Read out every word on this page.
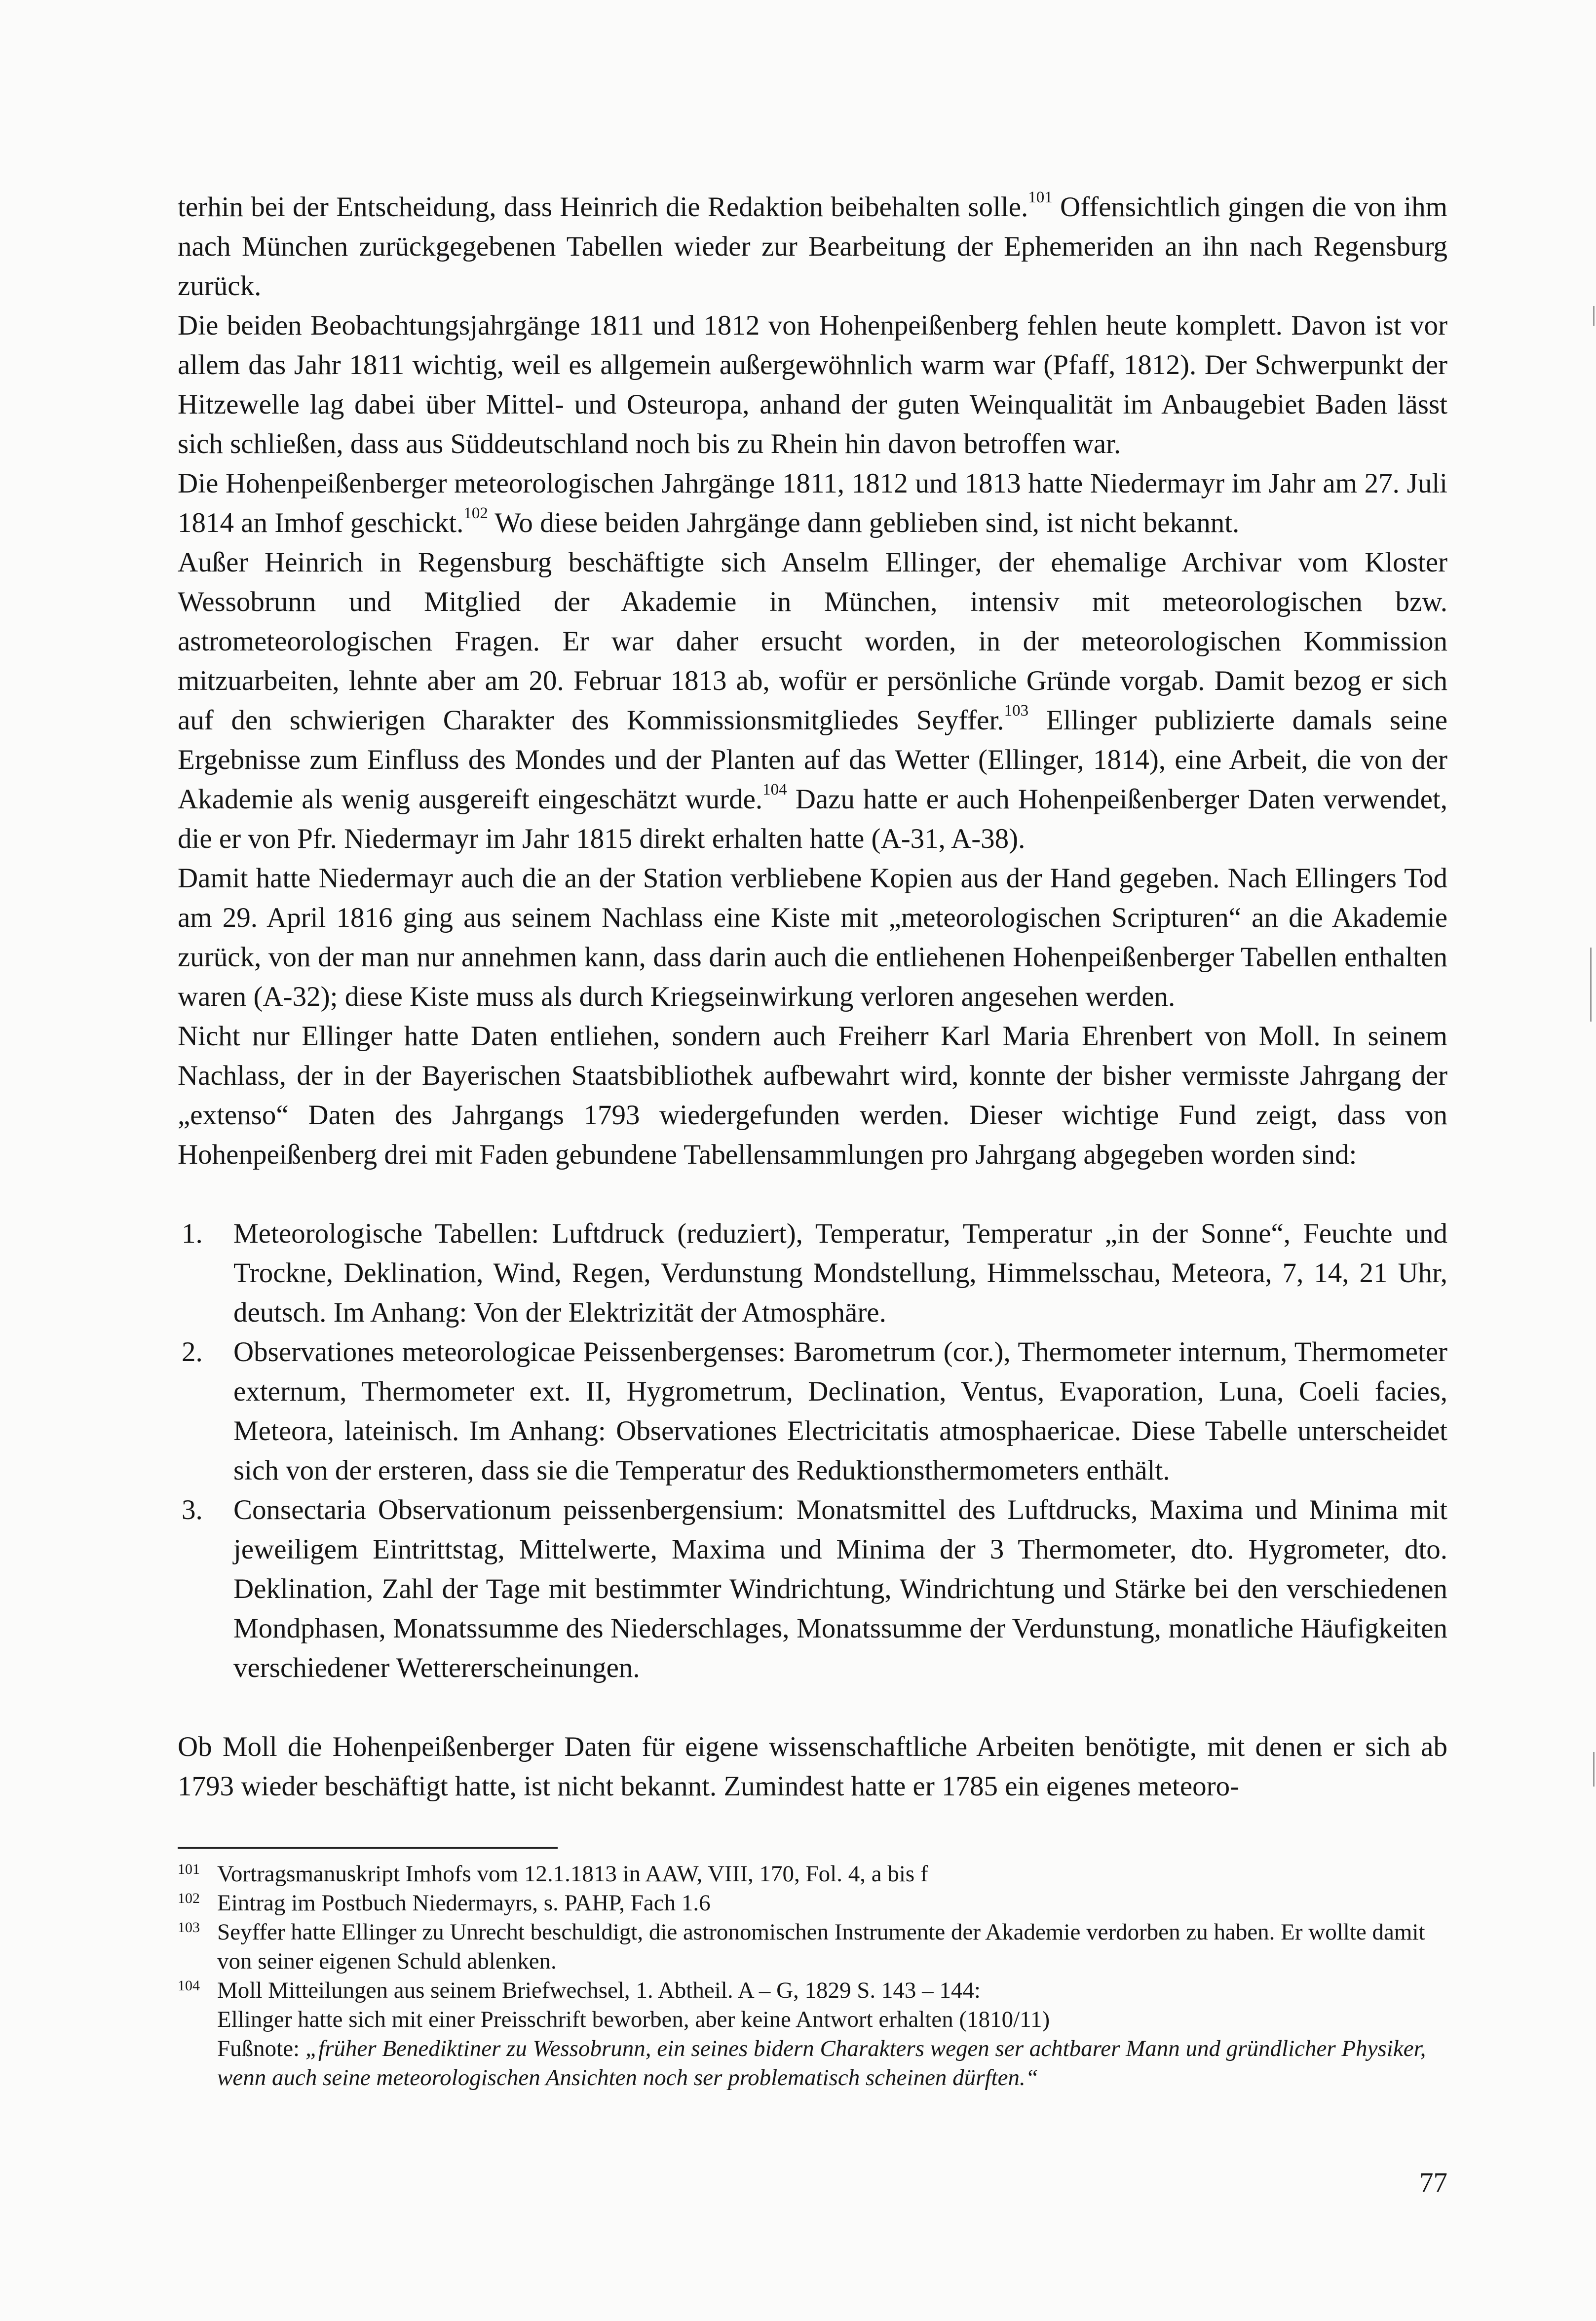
terhin bei der Entscheidung, dass Heinrich die Redaktion beibehalten solle.$^{101}$ Offensichtlich gingen die von ihm nach München zurückgegebenen Tabellen wieder zur Bearbeitung der Ephemeriden an ihn nach Regensburg zurück.

Die beiden Beobachtungsjahrgänge 1811 und 1812 von Hohenpeißenberg fehlen heute komplett. Davon ist vor allem das Jahr 1811 wichtig, weil es allgemein außergewöhnlich warm war (Pfaff, 1812). Der Schwerpunkt der Hitzewelle lag dabei über Mittel- und Osteuropa, anhand der guten Weinqualität im Anbaugebiet Baden lässt sich schließen, dass aus Süddeutschland noch bis zu Rhein hin davon betroffen war.

Die Hohenpeißenberger meteorologischen Jahrgänge 1811, 1812 und 1813 hatte Niedermayr im Jahr am 27. Juli 1814 an Imhof geschickt.$^{102}$ Wo diese beiden Jahrgänge dann geblieben sind, ist nicht bekannt.

Außer Heinrich in Regensburg beschäftigte sich Anselm Ellinger, der ehemalige Archivar vom Kloster Wessobrunn und Mitglied der Akademie in München, intensiv mit meteorologischen bzw. astrometeorologischen Fragen. Er war daher ersucht worden, in der meteorologischen Kommission mitzuarbeiten, lehnte aber am 20. Februar 1813 ab, wofür er persönliche Gründe vorgab. Damit bezog er sich auf den schwierigen Charakter des Kommissionsmitgliedes Seyffer.$^{103}$ Ellinger publizierte damals seine Ergebnisse zum Einfluss des Mondes und der Planten auf das Wetter (Ellinger, 1814), eine Arbeit, die von der Akademie als wenig ausgereift eingeschätzt wurde.$^{104}$ Dazu hatte er auch Hohenpeißenberger Daten verwendet, die er von Pfr. Niedermayr im Jahr 1815 direkt erhalten hatte (A-31, A-38).

Damit hatte Niedermayr auch die an der Station verbliebene Kopien aus der Hand gegeben. Nach Ellingers Tod am 29. April 1816 ging aus seinem Nachlass eine Kiste mit „meteorologischen Scripturen“ an die Akademie zurück, von der man nur annehmen kann, dass darin auch die entliehenen Hohenpeißenberger Tabellen enthalten waren (A-32); diese Kiste muss als durch Kriegseinwirkung verloren angesehen werden.

Nicht nur Ellinger hatte Daten entliehen, sondern auch Freiherr Karl Maria Ehrenbert von Moll. In seinem Nachlass, der in der Bayerischen Staatsbibliothek aufbewahrt wird, konnte der bisher vermisste Jahrgang der „extenso“ Daten des Jahrgangs 1793 wiedergefunden werden. Dieser wichtige Fund zeigt, dass von Hohenpeißenberg drei mit Faden gebundene Tabellensammlungen pro Jahrgang abgegeben worden sind:

1. Meteorologische Tabellen: Luftdruck (reduziert), Temperatur, Temperatur „in der Sonne“, Feuchte und Trockne, Deklination, Wind, Regen, Verdunstung Mondstellung, Himmelsschau, Meteora, 7, 14, 21 Uhr, deutsch. Im Anhang: Von der Elektrizität der Atmosphäre.
2. Observationes meteorologicae Peissenbergenses: Barometrum (cor.), Thermometer internum, Thermometer externum, Thermometer ext. II, Hygrometrum, Declination, Ventus, Evaporation, Luna, Coeli facies, Meteora, lateinisch. Im Anhang: Observationes Electricitatis atmosphaericae. Diese Tabelle unterscheidet sich von der ersteren, dass sie die Temperatur des Reduktionsthermometers enthält.
3. Consectaria Observationum peissenbergensium: Monatsmittel des Luftdrucks, Maxima und Minima mit jeweiligem Eintrittstag, Mittelwerte, Maxima und Minima der 3 Thermometer, dto. Hygrometer, dto. Deklination, Zahl der Tage mit bestimmter Windrichtung, Windrichtung und Stärke bei den verschiedenen Mondphasen, Monatssumme des Niederschlages, Monatssumme der Verdunstung, monatliche Häufigkeiten verschiedener Wettererscheinungen.

Ob Moll die Hohenpeißenberger Daten für eigene wissenschaftliche Arbeiten benötigte, mit denen er sich ab 1793 wieder beschäftigt hatte, ist nicht bekannt. Zumindest hatte er 1785 ein eigenes meteoro-

101 Vortragsmanuskript Imhofs vom 12.1.1813 in AAW, VIII, 170, Fol. 4, a bis f

102 Eintrag im Postbuch Niedermayrs, s. PAHP, Fach 1.6

103 Seyffer hatte Ellinger zu Unrecht beschuldigt, die astronomischen Instrumente der Akademie verdorben zu haben. Er wollte damit von seiner eigenen Schuld ablenken.

104 Moll Mitteilungen aus seinem Briefwechsel, 1. Abtheil. A – G, 1829 S. 143 – 144:

Ellinger hatte sich mit einer Preisschrift beworben, aber keine Antwort erhalten (1810/11)

Fußnote: „früher Benediktiner zu Wessobrunn, ein seines bidern Charakters wegen ser achtbarer Mann und gründlicher Physiker, wenn auch seine meteorologischen Ansichten noch ser problematisch scheinen dürften.“

77
